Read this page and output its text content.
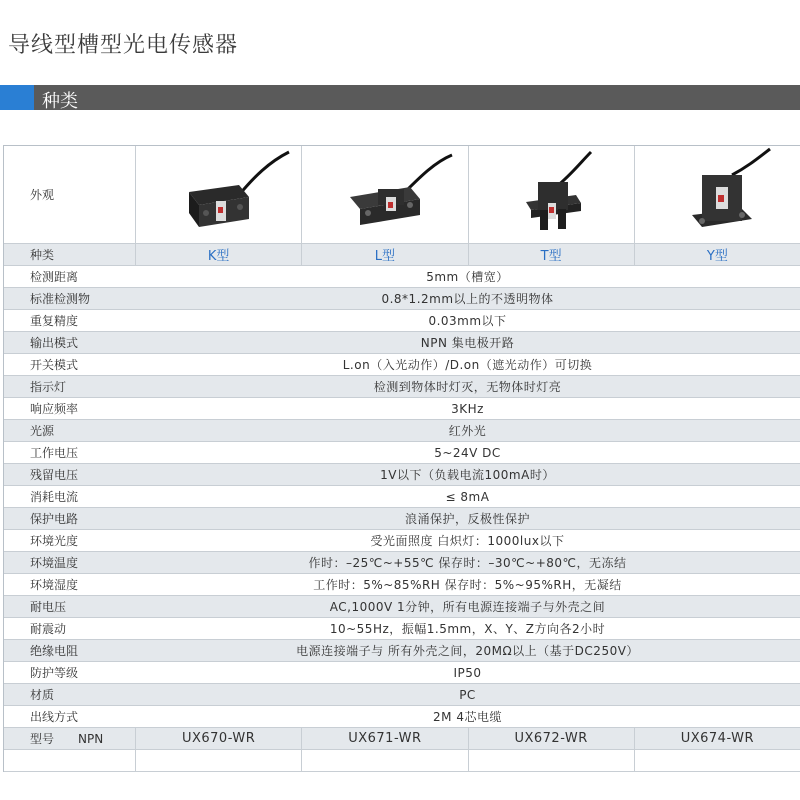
导线型槽型光电传感器
种类
外观
种类	K型	L型	T型	Y型
检测距离	5mm（槽宽）
标准检测物	0.8*1.2mm以上的不透明物体
重复精度	0.03mm以下
输出模式	NPN 集电极开路
开关模式	L.on（入光动作）/D.on（遮光动作）可切换
指示灯	检测到物体时灯灭，无物体时灯亮
响应频率	3KHz
光源	红外光
工作电压	5~24V DC
残留电压	1V以下（负载电流100mA时）
消耗电流	≤ 8mA
保护电路	浪涌保护，反极性保护
环境光度	受光面照度 白炽灯：1000lux以下
环境温度	作时：–25℃~+55℃ 保存时：–30℃~+80℃，无冻结
环境湿度	工作时：5%~85%RH 保存时：5%~95%RH，无凝结
耐电压	AC,1000V 1分钟，所有电源连接端子与外壳之间
耐震动	10~55Hz，振幅1.5mm，X、Y、Z方向各2小时
绝缘电阻	电源连接端子与 所有外壳之间，20MΩ以上（基于DC250V）
防护等级	IP50
材质	PC
出线方式	2M 4芯电缆
型号 NPN	UX670-WR	UX671-WR	UX672-WR	UX674-WR
